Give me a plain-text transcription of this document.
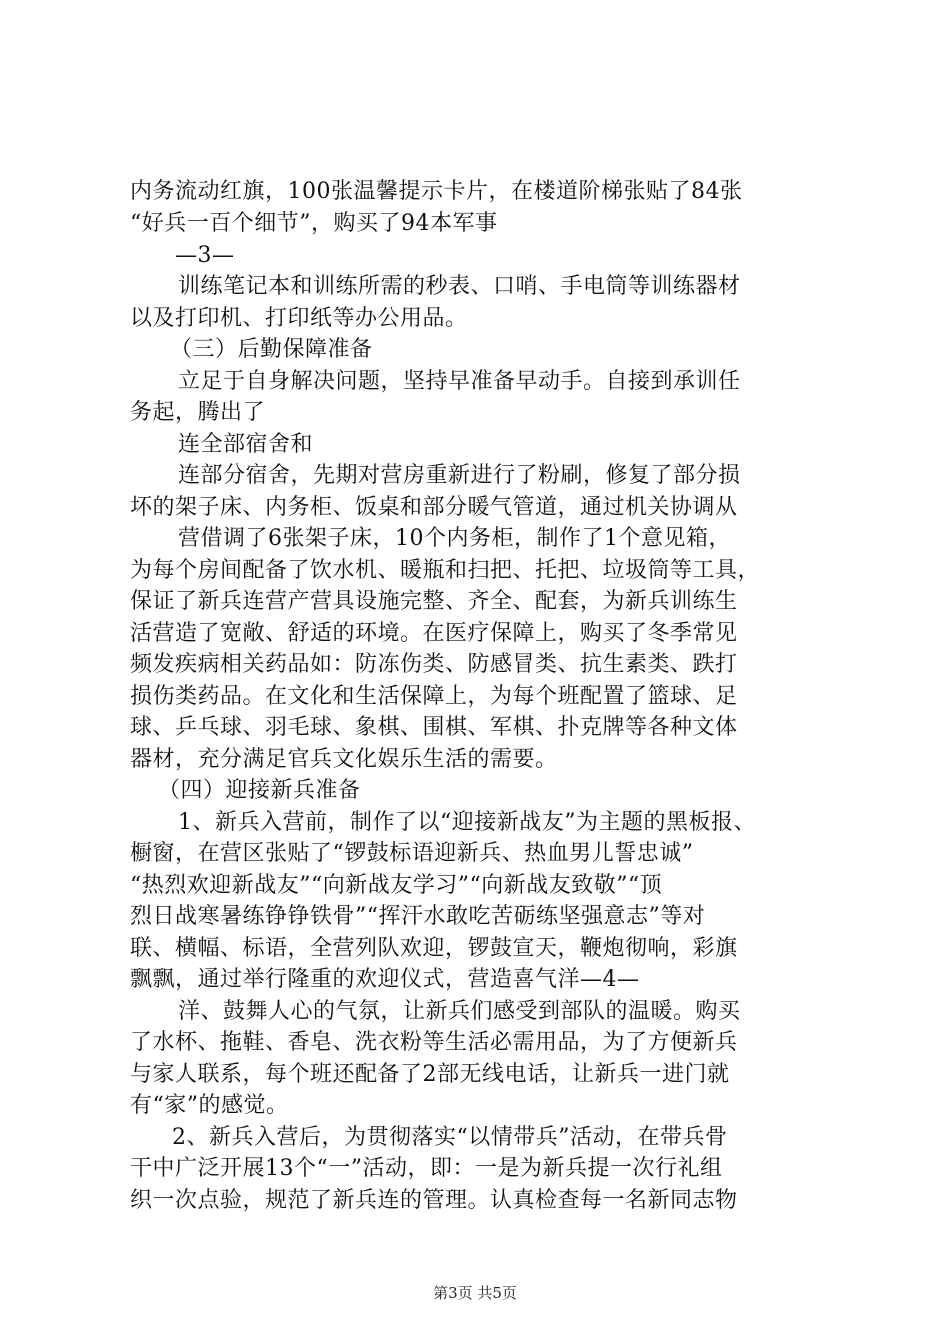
内务流动红旗，100张温馨提示卡片，在楼道阶梯张贴了84张
“好兵一百个细节”，购买了94本军事
—3—
训练笔记本和训练所需的秒表、口哨、手电筒等训练器材
以及打印机、打印纸等办公用品。
（三）后勤保障准备
立足于自身解决问题，坚持早准备早动手。自接到承训任
务起，腾出了
连全部宿舍和
连部分宿舍，先期对营房重新进行了粉刷，修复了部分损
坏的架子床、内务柜、饭桌和部分暖气管道，通过机关协调从
营借调了6张架子床，10个内务柜，制作了1个意见箱，
为每个房间配备了饮水机、暖瓶和扫把、托把、垃圾筒等工具，
保证了新兵连营产营具设施完整、齐全、配套，为新兵训练生
活营造了宽敞、舒适的环境。在医疗保障上，购买了冬季常见
频发疾病相关药品如：防冻伤类、防感冒类、抗生素类、跌打
损伤类药品。在文化和生活保障上，为每个班配置了篮球、足
球、乒乓球、羽毛球、象棋、围棋、军棋、扑克牌等各种文体
器材，充分满足官兵文化娱乐生活的需要。
（四）迎接新兵准备
1、新兵入营前，制作了以“迎接新战友”为主题的黑板报、
橱窗，在营区张贴了“锣鼓标语迎新兵、热血男儿誓忠诚”
“热烈欢迎新战友”“向新战友学习”“向新战友致敬”“顶
烈日战寒暑练铮铮铁骨”“挥汗水敢吃苦砺练坚强意志”等对
联、横幅、标语，全营列队欢迎，锣鼓宣天，鞭炮彻响，彩旗
飘飘，通过举行隆重的欢迎仪式，营造喜气洋—4—
洋、鼓舞人心的气氛，让新兵们感受到部队的温暖。购买
了水杯、拖鞋、香皂、洗衣粉等生活必需用品，为了方便新兵
与家人联系，每个班还配备了2部无线电话，让新兵一进门就
有“家”的感觉。
2、新兵入营后，为贯彻落实“以情带兵”活动，在带兵骨
干中广泛开展13个“一”活动，即：一是为新兵提一次行礼组
织一次点验，规范了新兵连的管理。认真检查每一名新同志物
第3页 共5页
